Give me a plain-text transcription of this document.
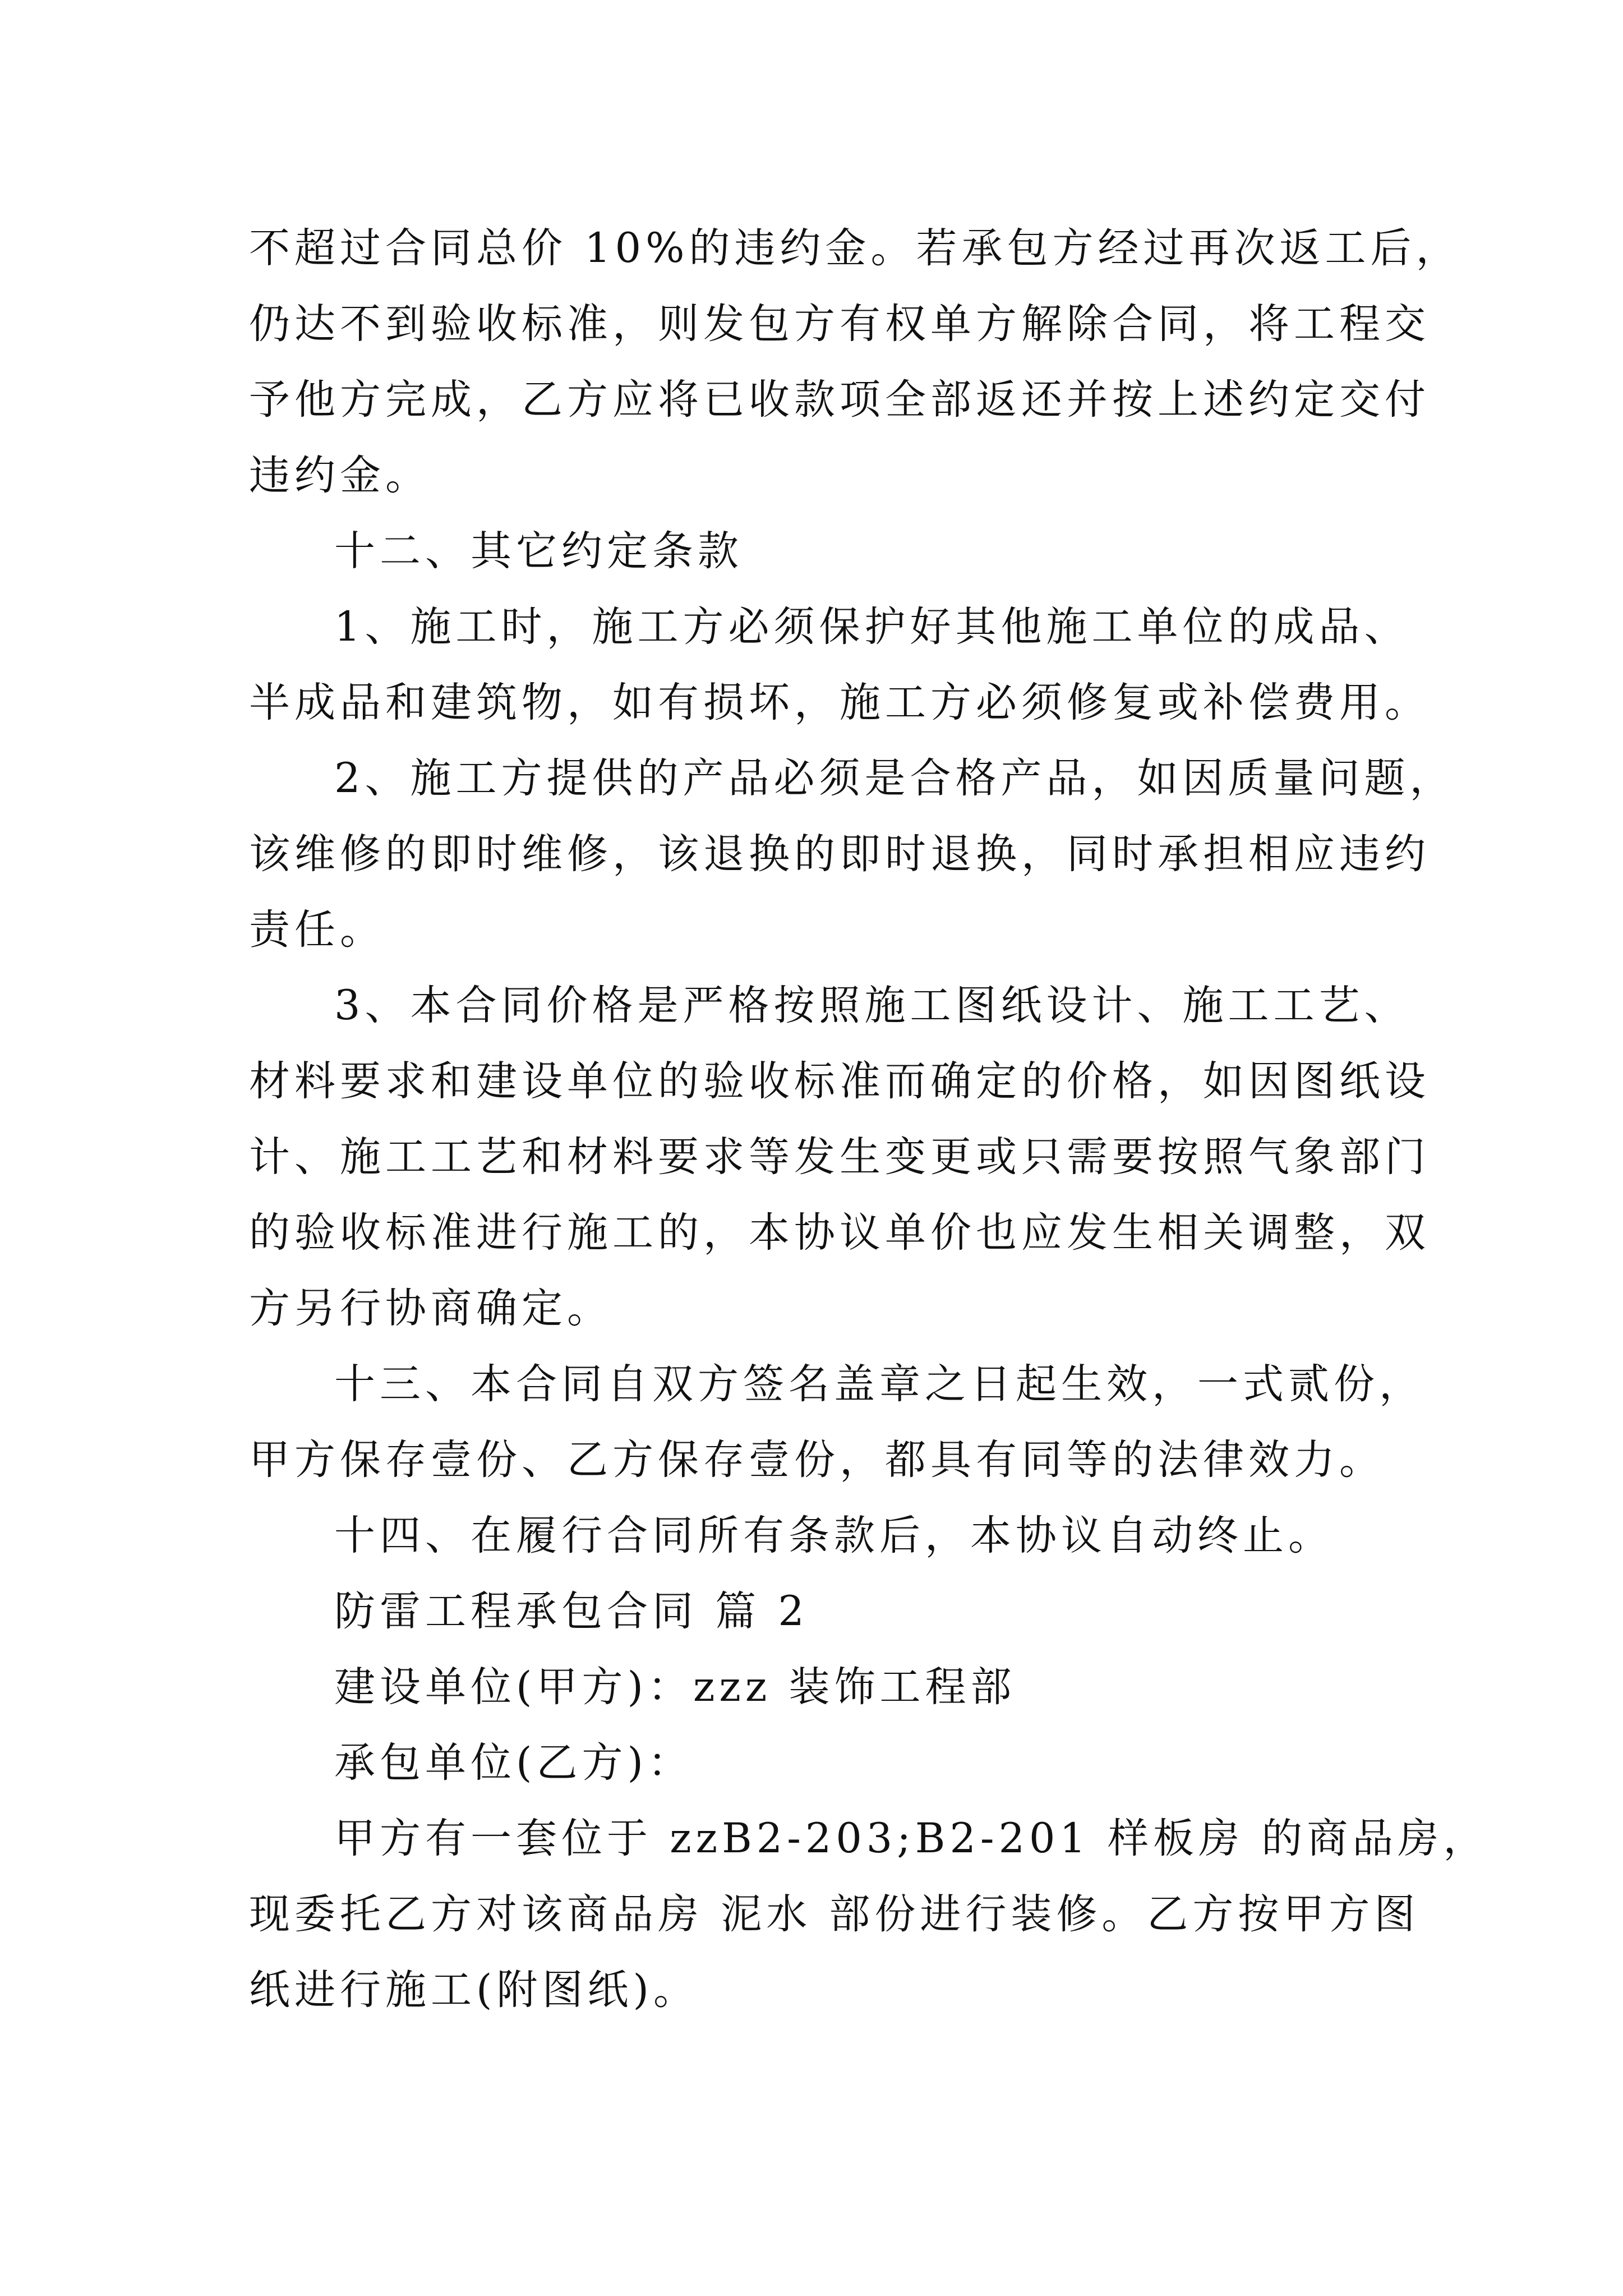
不超过合同总价 10%的违约金。若承包方经过再次返工后，
仍达不到验收标准，则发包方有权单方解除合同，将工程交
予他方完成，乙方应将已收款项全部返还并按上述约定交付
违约金。
十二、其它约定条款
1、施工时，施工方必须保护好其他施工单位的成品、
半成品和建筑物，如有损坏，施工方必须修复或补偿费用。
2、施工方提供的产品必须是合格产品，如因质量问题，
该维修的即时维修，该退换的即时退换，同时承担相应违约
责任。
3、本合同价格是严格按照施工图纸设计、施工工艺、
材料要求和建设单位的验收标准而确定的价格，如因图纸设
计、施工工艺和材料要求等发生变更或只需要按照气象部门
的验收标准进行施工的，本协议单价也应发生相关调整，双
方另行协商确定。
十三、本合同自双方签名盖章之日起生效，一式贰份，
甲方保存壹份、乙方保存壹份，都具有同等的法律效力。
十四、在履行合同所有条款后，本协议自动终止。
防雷工程承包合同 篇 2
建设单位(甲方)：zzz 装饰工程部
承包单位(乙方)：
甲方有一套位于 zzB2-203;B2-201 样板房 的商品房，
现委托乙方对该商品房 泥水 部份进行装修。乙方按甲方图
纸进行施工(附图纸)。
